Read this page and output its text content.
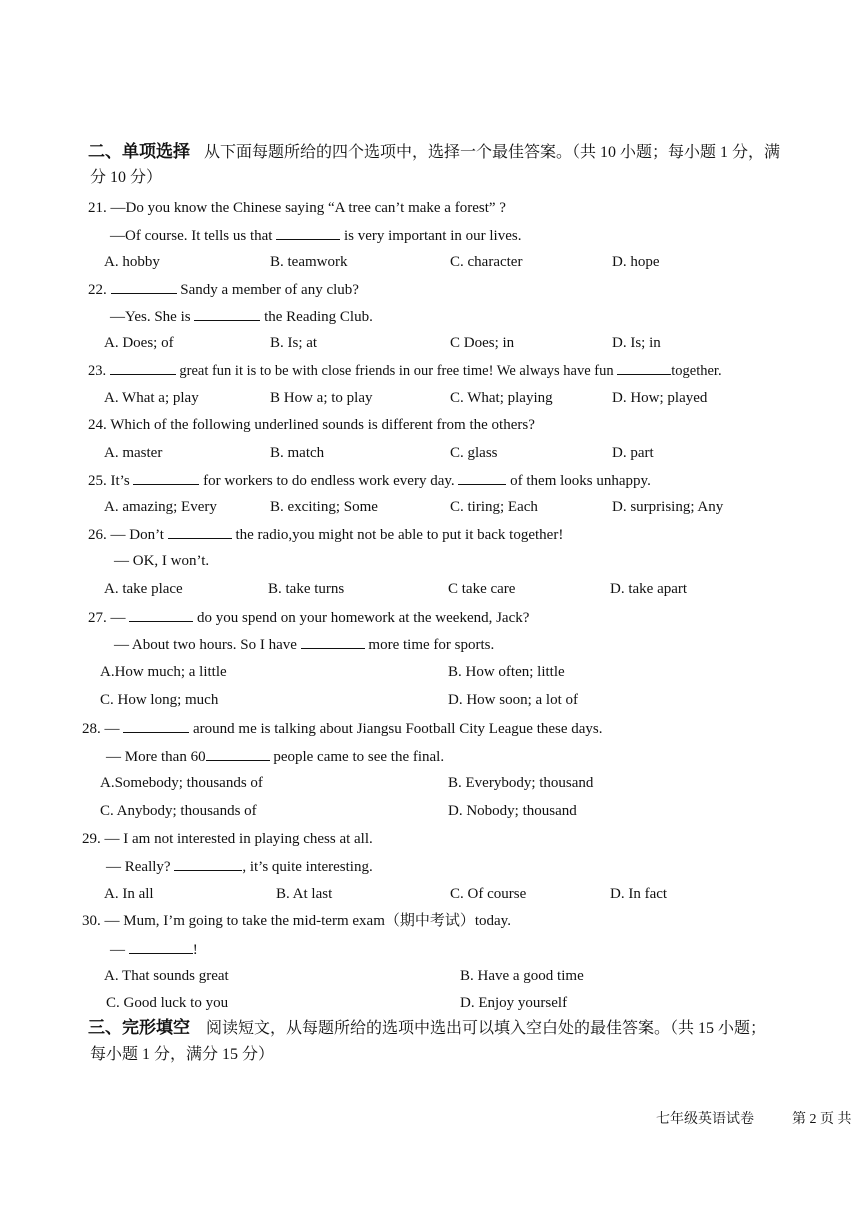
二、单项选择 从下面每题所给的四个选项中，选择一个最佳答案。（共 10 小题；每小题 1 分，满
分 10 分）
21. —Do you know the Chinese saying “A tree can’t make a forest” ?
—Of course. It tells us that	is very important in our lives.
A. hobby	B. teamwork	C. character	D. hope
22.	Sandy a member of any club?
—Yes. She is	the Reading Club.
A. Does; of	B. Is; at	C Does; in	D. Is; in
23.	great fun it is to be with close friends in our free time! We always have fun	together.
A. What a; play	B How a; to play	C. What; playing	D. How; played
24. Which of the following underlined sounds is different from the others?
A. master	B. match	C. glass	D. part
25. It’s	for workers to do endless work every day.	of them looks unhappy.
A. amazing; Every	B. exciting; Some	C. tiring; Each	D. surprising; Any
26. — Don’t	the radio,you might not be able to put it back together!
— OK, I won’t.
A. take place	B. take turns	C take care	D. take apart
27. —	do you spend on your homework at the weekend, Jack?
— About two hours. So I have	more time for sports.
A.How much; a little	B. How often; little
C. How long; much	D. How soon; a lot of
28. —	around me is talking about Jiangsu Football City League these days.
— More than 60	people came to see the final.
A.Somebody; thousands of	B. Everybody; thousand
C. Anybody; thousands of	D. Nobody; thousand
29. — I am not interested in playing chess at all.
— Really?	, it’s quite interesting.
A. In all	B. At last	C. Of course	D. In fact
30. — Mum, I’m going to take the mid-term exam（期中考试）today.
—	!
A. That sounds great	B. Have a good time
C. Good luck to you	D. Enjoy yourself
三、完形填空 阅读短文，从每题所给的选项中选出可以填入空白处的最佳答案。（共 15 小题；
每小题 1 分，满分 15 分）
七年级英语试卷	第 2 页 共
